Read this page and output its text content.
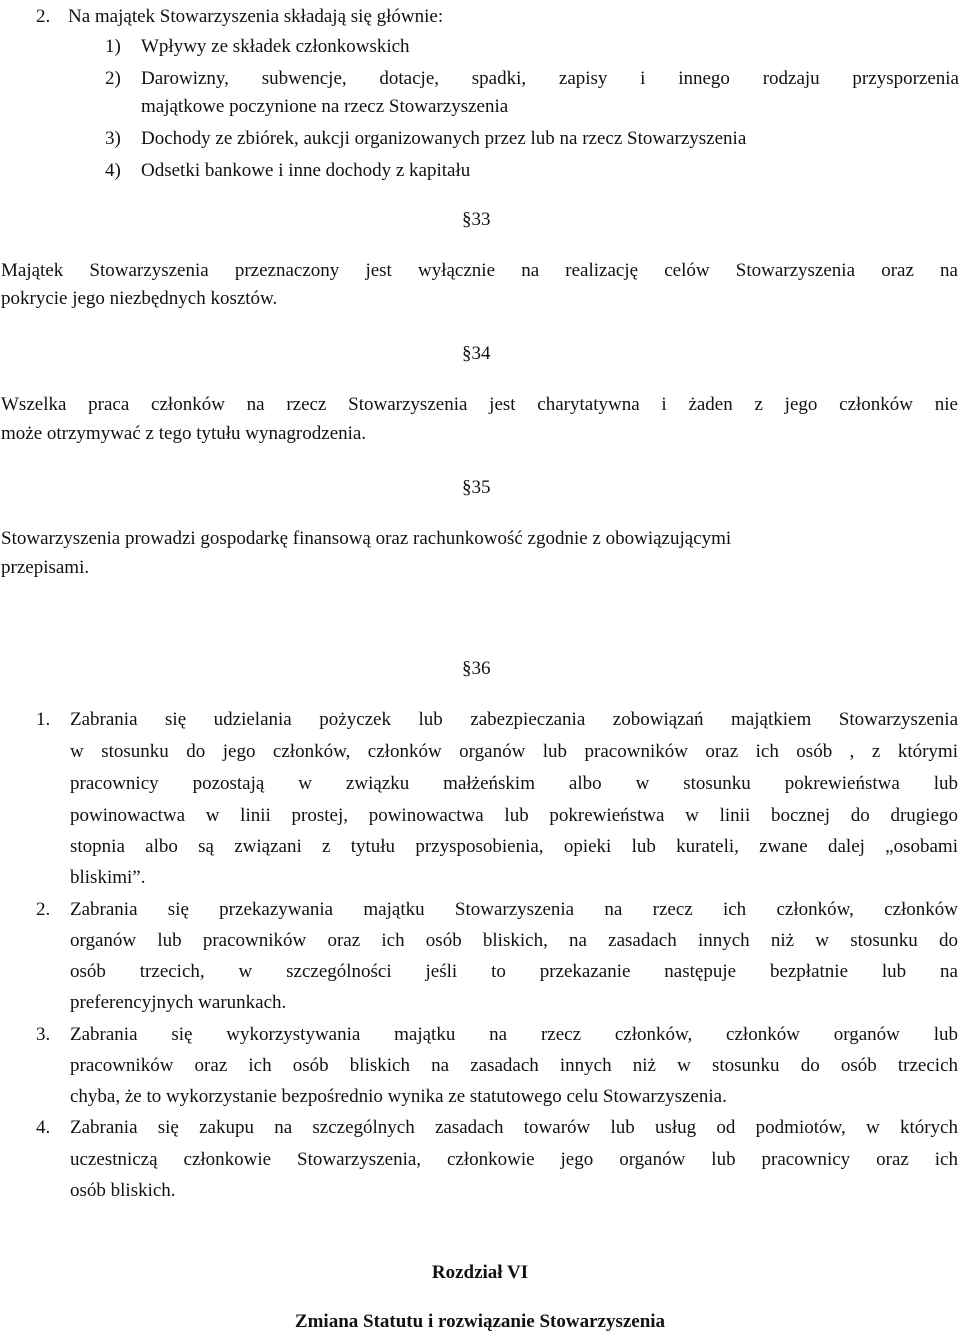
2. Na majątek Stowarzyszenia składają się głównie:
1) Wpływy ze składek członkowskich
2) Darowizny, subwencje, dotacje, spadki, zapisy i innego rodzaju przysporzenia
majątkowe poczynione na rzecz Stowarzyszenia
3) Dochody ze zbiórek, aukcji organizowanych przez lub na rzecz Stowarzyszenia
4) Odsetki bankowe i inne dochody z kapitału
§33
Majątek Stowarzyszenia przeznaczony jest wyłącznie na realizację celów Stowarzyszenia oraz na
pokrycie jego niezbędnych kosztów.
§34
Wszelka praca członków na rzecz Stowarzyszenia jest charytatywna i żaden z jego członków nie
może otrzymywać z tego tytułu wynagrodzenia.
§35
Stowarzyszenia prowadzi gospodarkę finansową oraz rachunkowość zgodnie z obowiązującymi
przepisami.
§36
1. Zabrania się udzielania pożyczek lub zabezpieczania zobowiązań majątkiem Stowarzyszenia
w stosunku do jego członków, członków organów lub pracowników oraz ich osób , z którymi
pracownicy pozostają w związku małżeńskim albo w stosunku pokrewieństwa lub
powinowactwa w linii prostej, powinowactwa lub pokrewieństwa w linii bocznej do drugiego
stopnia albo są związani z tytułu przysposobienia, opieki lub kurateli, zwane dalej „osobami
bliskimi”.
2. Zabrania się przekazywania majątku Stowarzyszenia na rzecz ich członków, członków
organów lub pracowników oraz ich osób bliskich, na zasadach innych niż w stosunku do
osób trzecich, w szczególności jeśli to przekazanie następuje bezpłatnie lub na
preferencyjnych warunkach.
3. Zabrania się wykorzystywania majątku na rzecz członków, członków organów lub
pracowników oraz ich osób bliskich na zasadach innych niż w stosunku do osób trzecich
chyba, że to wykorzystanie bezpośrednio wynika ze statutowego celu Stowarzyszenia.
4. Zabrania się zakupu na szczególnych zasadach towarów lub usług od podmiotów, w których
uczestniczą członkowie Stowarzyszenia, członkowie jego organów lub pracownicy oraz ich
osób bliskich.
Rozdział VI
Zmiana Statutu i rozwiązanie Stowarzyszenia
